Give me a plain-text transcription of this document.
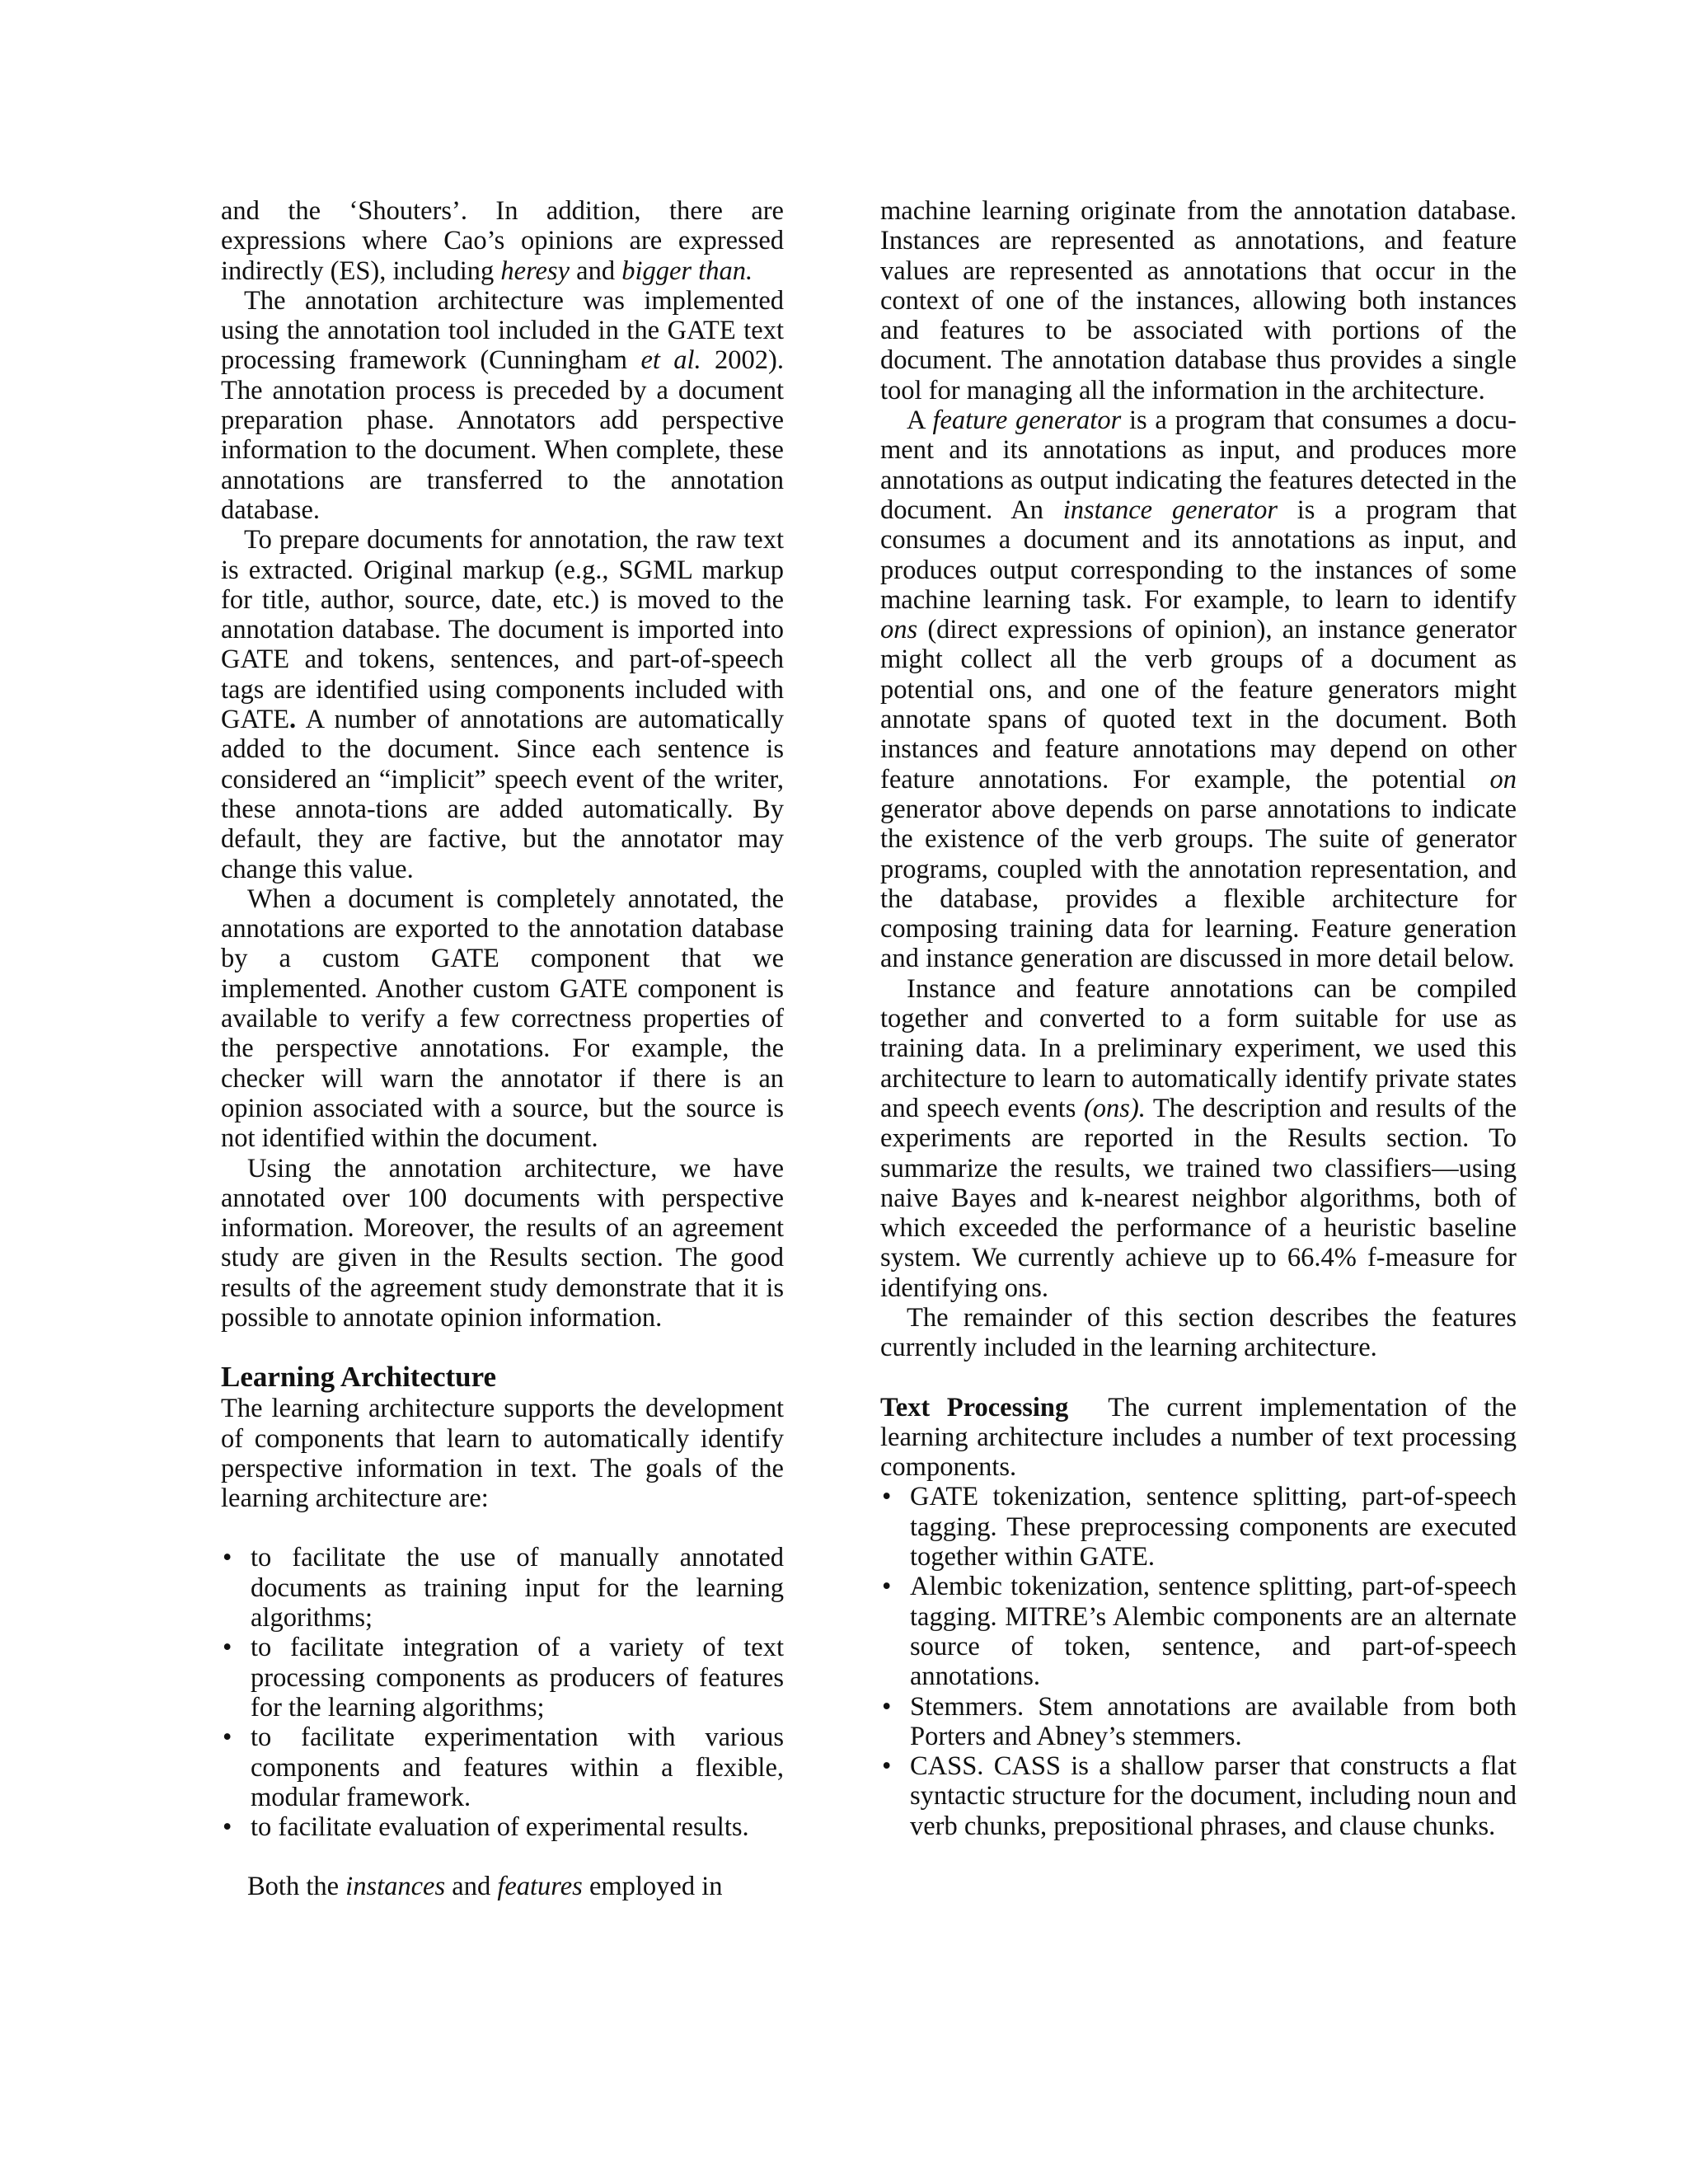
and the ‘Shouters’. In addition, there are expressions where Cao’s opinions are expressed indirectly (ES), including heresy and bigger than.

The annotation architecture was implemented using the annotation tool included in the GATE text processing framework (Cunningham et al. 2002). The annotation process is preceded by a document preparation phase. Annotators add perspective information to the document. When complete, these annotations are transferred to the annotation database.

To prepare documents for annotation, the raw text is extracted. Original markup (e.g., SGML markup for title, author, source, date, etc.) is moved to the annotation database. The document is imported into GATE and tokens, sentences, and part-of-speech tags are identified using components included with GATE. A number of annotations are automatically added to the document. Since each sentence is considered an “implicit” speech event of the writer, these annota-tions are added automatically. By default, they are factive, but the annotator may change this value.

When a document is completely annotated, the annotations are exported to the annotation database by a custom GATE component that we implemented. Another custom GATE component is available to verify a few correctness properties of the perspective annotations. For example, the checker will warn the annotator if there is an opinion associated with a source, but the source is not identified within the document.

Using the annotation architecture, we have annotated over 100 documents with perspective information. Moreover, the results of an agreement study are given in the Results section. The good results of the agreement study demonstrate that it is possible to annotate opinion information.

Learning Architecture

The learning architecture supports the development of components that learn to automatically identify perspective information in text. The goals of the learning architecture are:

• to facilitate the use of manually annotated documents as training input for the learning algorithms;
• to facilitate integration of a variety of text processing components as producers of features for the learning algorithms;
• to facilitate experimentation with various components and features within a flexible, modular framework.
• to facilitate evaluation of experimental results.

Both the instances and features employed in

machine learning originate from the annotation database. Instances are represented as annotations, and feature values are represented as annotations that occur in the context of one of the instances, allowing both instances and features to be associated with portions of the document. The annotation database thus provides a single tool for managing all the information in the architecture.

A feature generator is a program that consumes a docu-ment and its annotations as input, and produces more annotations as output indicating the features detected in the document. An instance generator is a program that consumes a document and its annotations as input, and produces output corresponding to the instances of some machine learning task. For example, to learn to identify ons (direct expressions of opinion), an instance generator might collect all the verb groups of a document as potential ons, and one of the feature generators might annotate spans of quoted text in the document. Both instances and feature annotations may depend on other feature annotations. For example, the potential on generator above depends on parse annotations to indicate the existence of the verb groups. The suite of generator programs, coupled with the annotation representation, and the database, provides a flexible architecture for composing training data for learning. Feature generation and instance generation are discussed in more detail below.

Instance and feature annotations can be compiled together and converted to a form suitable for use as training data. In a preliminary experiment, we used this architecture to learn to automatically identify private states and speech events (ons). The description and results of the experiments are reported in the Results section. To summarize the results, we trained two classifiers—using naive Bayes and k-nearest neighbor algorithms, both of which exceeded the performance of a heuristic baseline system. We currently achieve up to 66.4% f-measure for identifying ons.

The remainder of this section describes the features currently included in the learning architecture.

Text Processing The current implementation of the learning architecture includes a number of text processing components.

• GATE tokenization, sentence splitting, part-of-speech tagging. These preprocessing components are executed together within GATE.
• Alembic tokenization, sentence splitting, part-of-speech tagging. MITRE’s Alembic components are an alternate source of token, sentence, and part-of-speech annotations.
• Stemmers. Stem annotations are available from both Porters and Abney’s stemmers.
• CASS. CASS is a shallow parser that constructs a flat syntactic structure for the document, including noun and verb chunks, prepositional phrases, and clause chunks.
